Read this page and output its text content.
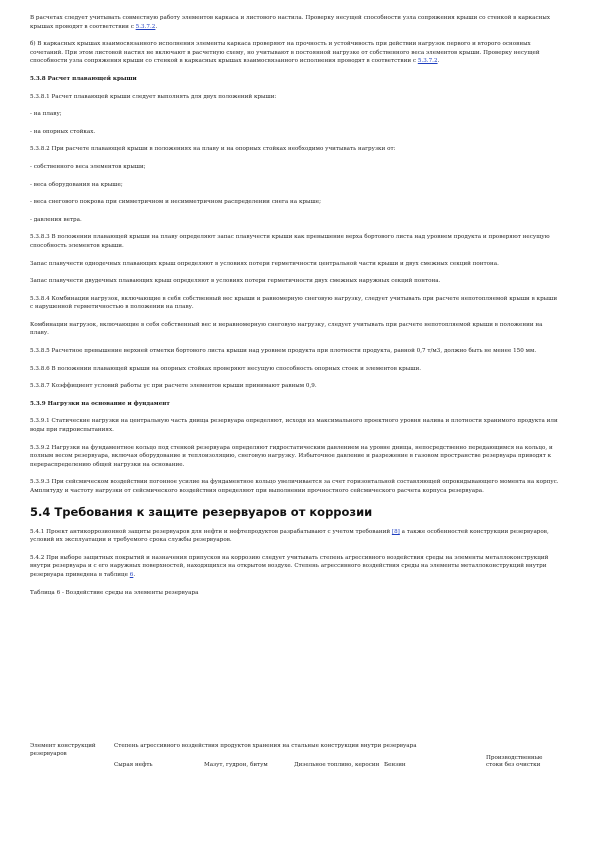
В расчетах следует учитывать совместную работу элементов каркаса и листового настила. Проверку несущей способности узла сопряжения крыши со стенкой в каркасных крышах проводят в соответствии с 5.3.7.2.

б) В каркасных крышах взаимосвязанного исполнения элементы каркаса проверяют на прочность и устойчивость при действии нагрузок первого и второго основных сочетаний. При этом листовой настил не включают в расчетную схему, но учитывают в постоянной нагрузке от собственного веса элементов крыши. Проверку несущей способности узла сопряжения крыши со стенкой в каркасных крышах взаимосвязанного исполнения проводят в соответствии с 5.3.7.2.

5.3.8 Расчет плавающей крыши

5.3.8.1 Расчет плавающей крыши следует выполнять для двух положений крыши:

- на плаву;

- на опорных стойках.

5.3.8.2 При расчете плавающей крыши в положениях на плаву и на опорных стойках необходимо учитывать нагрузки от:

- собственного веса элементов крыши;

- веса оборудования на крыше;

- веса снегового покрова при симметричном и несимметричном распределении снега на крыше;

- давления ветра.

5.3.8.3 В положении плавающей крыши на плаву определяют запас плавучести крыши как превышение верха бортового листа над уровнем продукта и проверяют несущую способность элементов крыши.

Запас плавучести однодечных плавающих крыш определяют в условиях потери герметичности центральной части крыши и двух смежных секций понтона.

Запас плавучести двудечных плавающих крыш определяют в условиях потери герметичности двух смежных наружных секций понтона.

5.3.8.4 Комбинации нагрузок, включающие в себя собственный вес крыши и равномерную снеговую нагрузку, следует учитывать при расчете непотопляемой крыши в крыши с нарушенной герметичностью в положении на плаву.

Комбинации нагрузок, включающие в себя собственный вес и неравномерную снеговую нагрузку, следует учитывать при расчете непотопляемой крыши в положении на плаву.

5.3.8.5 Расчетное превышение верхней отметки бортового листа крыши над уровнем продукта при плотности продукта, равной 0,7 т/м3, должно быть не менее 150 мм.

5.3.8.6 В положении плавающей крыши на опорных стойках проверяют несущую способность опорных стоек и элементов крыши.

5.3.8.7 Коэффициент условий работы γc при расчете элементов крыши принимают равным 0,9.

5.3.9 Нагрузки на основание и фундамент

5.3.9.1 Статические нагрузки на центральную часть днища резервуара определяют, исходя из максимального проектного уровня налива и плотности хранимого продукта или воды при гидроиспытаниях.

5.3.9.2 Нагрузки на фундаментное кольцо под стенкой резервуара определяют гидростатическим давлением на уровне днища, непосредственно передающимся на кольцо, и полным весом резервуара, включая оборудование и теплоизоляцию, снеговую нагрузку. Избыточное давление и разрежение в газовом пространстве резервуара приводят к перераспределению общей нагрузки на основание.

5.3.9.3 При сейсмическом воздействии погонное усилие на фундаментное кольцо увеличивается за счет горизонтальной составляющей опрокидывающего момента на корпус. Амплитуду и частоту нагрузки от сейсмического воздействия определяют при выполнении прочностного сейсмического расчета корпуса резервуара.

5.4 Требования к защите резервуаров от коррозии

5.4.1 Проект антикоррозионной защиты резервуаров для нефти и нефтепродуктов разрабатывают с учетом требований [8] а также особенностей конструкции резервуаров, условий их эксплуатации и требуемого срока службы резервуаров.

5.4.2 При выборе защитных покрытий и назначения припусков на коррозию следует учитывать степень агрессивного воздействия среды на элементы металлоконструкций внутри резервуара и с его наружных поверхностей, находящихся на открытом воздухе. Степень агрессивного воздействия среды на элементы металлоконструкций внутри резервуара приведена в таблице 6.

Таблица 6 - Воздействие среды на элементы резервуара

Элемент конструкций резервуаров	Степень агрессивного воздействия продуктов хранения на стальные конструкции внутри резервуара				
	Сырая нефть	Мазут, гудрон, битум	Дизельное топливо, керосин	Бензин	Производственные стоки без очистки
